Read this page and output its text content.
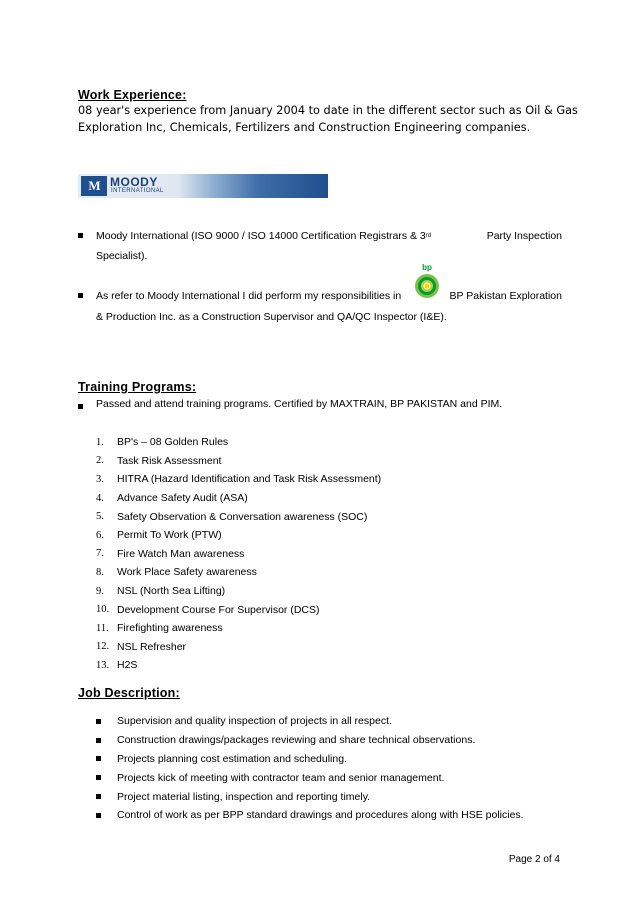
Work Experience:
08 year's experience from January 2004 to date in the different sector such as Oil & Gas
Exploration Inc, Chemicals, Fertilizers and Construction Engineering companies.
M MOODY
INTERNATIONAL
Moody International (ISO 9000 / ISO 14000 Certification Registrars & 3 rd	Party Inspection
Specialist).
As refer to Moody International I did perform my responsibilities in	BP Pakistan Exploration
& Production Inc. as a Construction Supervisor and QA/QC Inspector (I&E).
bp
Training Programs:
Passed and attend training programs. Certified by MAXTRAIN, BP PAKISTAN and PIM.
1.	BP's – 08 Golden Rules
2.	Task Risk Assessment
3.	HITRA (Hazard Identification and Task Risk Assessment)
4.	Advance Safety Audit (ASA)
5.	Safety Observation & Conversation awareness (SOC)
6.	Permit To Work (PTW)
7.	Fire Watch Man awareness
8.	Work Place Safety awareness
9.	NSL (North Sea Lifting)
10. Development Course For Supervisor (DCS)
11. Firefighting awareness
12. NSL Refresher
13. H2S
Job Description:
Supervision and quality inspection of projects in all respect.
Construction drawings/packages reviewing and share technical observations.
Projects planning cost estimation and scheduling.
Projects kick of meeting with contractor team and senior management.
Project material listing, inspection and reporting timely.
Control of work as per BPP standard drawings and procedures along with HSE policies.
Page 2 of 4
